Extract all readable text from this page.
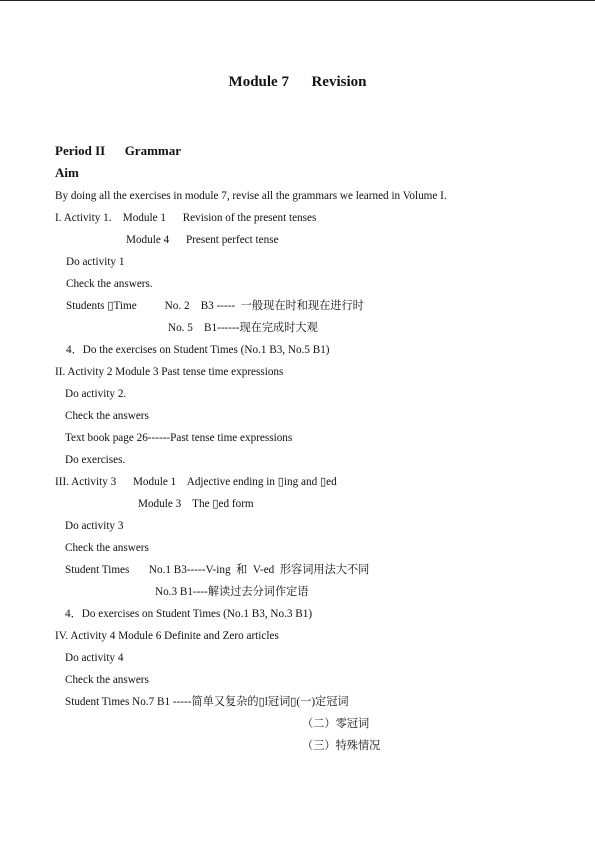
Module 7      Revision

Period II      Grammar

Aim

By doing all the exercises in module 7, revise all the grammars we learned in Volume I.

I. Activity 1.    Module 1      Revision of the present tenses

Module 4      Present perfect tense

Do activity 1

Check the answers.

Students ▯Time          No. 2    B3 -----  一般现在时和现在进行时

No. 5    B1------现在完成时大观

4．Do the exercises on Student Times (No.1 B3, No.5 B1)

II. Activity 2 Module 3 Past tense time expressions

Do activity 2.

Check the answers

Text book page 26------Past tense time expressions

Do exercises.

III. Activity 3      Module 1    Adjective ending in ▯ing and ▯ed

Module 3    The ▯ed form

Do activity 3

Check the answers

Student Times       No.1 B3-----V-ing  和  V-ed  形容词用法大不同

No.3 B1----解读过去分词作定语

4．Do exercises on Student Times (No.1 B3, No.3 B1)

IV. Activity 4 Module 6 Definite and Zero articles

Do activity 4

Check the answers

Student Times No.7 B1 -----简单又复杂的▯l冠词▯(一)定冠词

（二）零冠词

（三）特殊情况
